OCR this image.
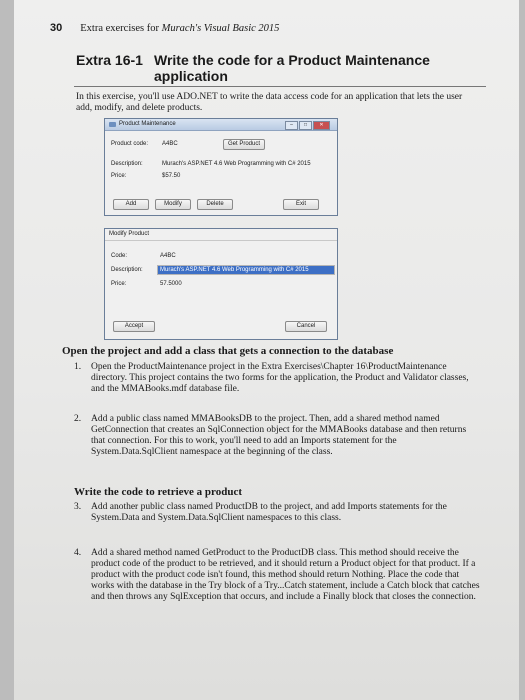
30 Extra exercises for Murach's Visual Basic 2015
Extra 16-1 Write the code for a Product Maintenance
application
In this exercise, you'll use ADO.NET to write the data access code for an application that lets the user add, modify, and delete products.
Product Maintenance	–	□	✕
Product code:	A4BC	Get Product
Description:	Murach's ASP.NET 4.6 Web Programming with C# 2015
Price:	$57.50
Add	Modify	Delete	Exit
Modify Product
Code:	A4BC
Description:	Murach's ASP.NET 4.6 Web Programming with C# 2015
Price:	57.5000
Accept	Cancel
Open the project and add a class that gets a connection to the database
1. Open the ProductMaintenance project in the Extra Exercises\Chapter 16\ProductMaintenance directory. This project contains the two forms for the application, the Product and Validator classes, and the MMABooks.mdf database file.
2. Add a public class named MMABooksDB to the project. Then, add a shared method named GetConnection that creates an SqlConnection object for the MMABooks database and then returns that connection. For this to work, you'll need to add an Imports statement for the System.Data.SqlClient namespace at the beginning of the class.
Write the code to retrieve a product
3. Add another public class named ProductDB to the project, and add Imports statements for the System.Data and System.Data.SqlClient namespaces to this class.
4. Add a shared method named GetProduct to the ProductDB class. This method should receive the product code of the product to be retrieved, and it should return a Product object for that product. If a product with the product code isn't found, this method should return Nothing. Place the code that works with the database in the Try block of a Try...Catch statement, include a Catch block that catches and then throws any SqlException that occurs, and include a Finally block that closes the connection.
